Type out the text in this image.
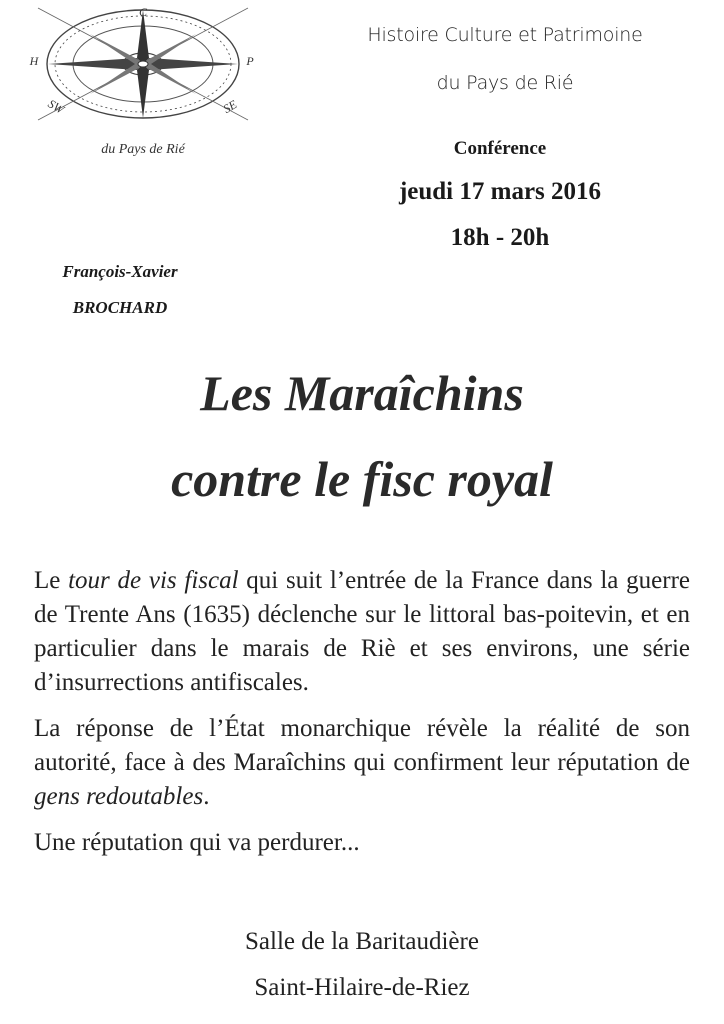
C
H	P
SW	SE
du Pays de Rié
Histoire Culture et Patrimoine
du Pays de Rié
Conférence
jeudi 17 mars 2016
18h - 20h
François-Xavier
BROCHARD
Les Maraîchins
contre le fisc royal
Le tour de vis fiscal qui suit l’entrée de la France dans la guerre de Trente Ans (1635) déclenche sur le littoral bas-poitevin, et en particulier dans le marais de Riè et ses environs, une série d’insurrections antifiscales.
La réponse de l’État monarchique révèle la réalité de son autorité, face à des Maraîchins qui confirment leur réputation de gens redoutables.
Une réputation qui va perdurer...
Salle de la Baritaudière
Saint-Hilaire-de-Riez
